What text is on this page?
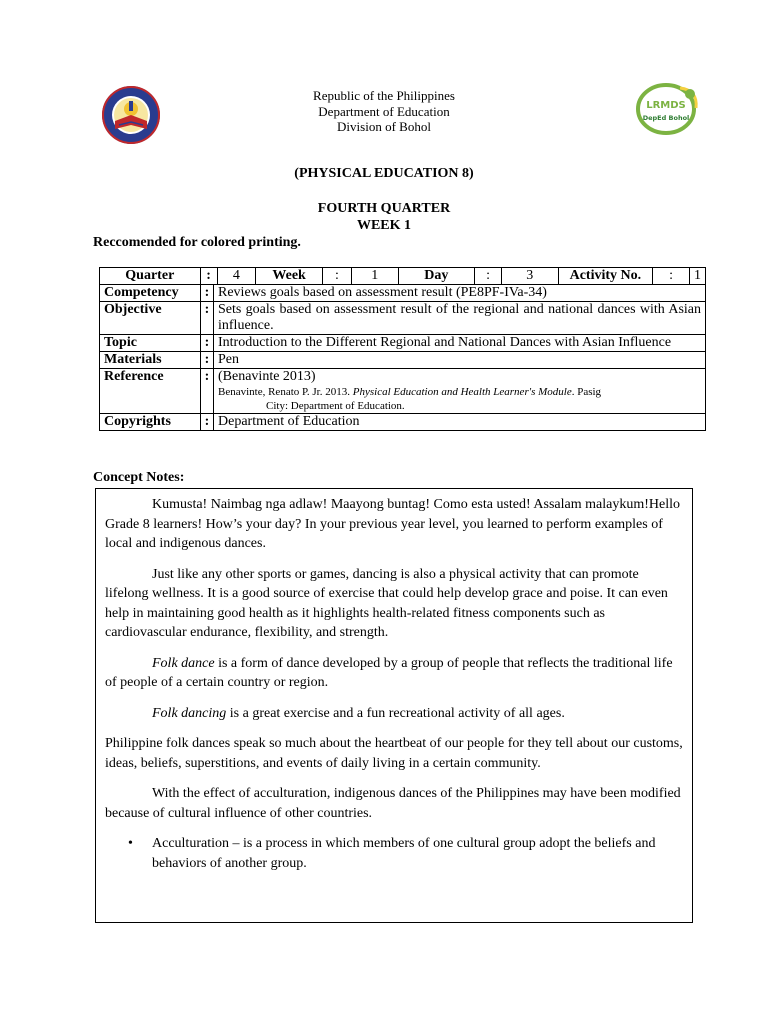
Republic of the Philippines
Department of Education
Division of Bohol
LRMDS
DepEd Bohol
(PHYSICAL EDUCATION 8)
FOURTH QUARTER
WEEK 1
Reccomended for colored printing.
Quarter	:	4	Week	:	1	Day	:	3	Activity No.	:	1

Competency	:	Reviews goals based on assessment result (PE8PF-IVa-34)
Objective	:	Sets goals based on assessment result of the regional and national dances with Asian influence.
Topic	:	Introduction to the Different Regional and National Dances with Asian Influence
Materials	:	Pen
Reference	:	(Benavinte 2013)
Benavinte, Renato P. Jr. 2013. Physical Education and Health Learner's Module. Pasig
City: Department of Education.

Copyrights	:	Department of Education
Concept Notes:

Kumusta! Naimbag nga adlaw! Maayong buntag! Como esta usted! Assalam malaykum!Hello Grade 8 learners! How’s your day? In your previous year level, you learned to perform examples of local and indigenous dances.

Just like any other sports or games, dancing is also a physical activity that can promote lifelong wellness. It is a good source of exercise that could help develop grace and poise. It can even help in maintaining good health as it highlights health-related fitness components such as cardiovascular endurance, flexibility, and strength.

Folk dance is a form of dance developed by a group of people that reflects the traditional life of people of a certain country or region.

Folk dancing is a great exercise and a fun recreational activity of all ages.

Philippine folk dances speak so much about the heartbeat of our people for they tell about our customs, ideas, beliefs, superstitions, and events of daily living in a certain community.

With the effect of acculturation, indigenous dances of the Philippines may have been modified because of cultural influence of other countries.

• Acculturation – is a process in which members of one cultural group adopt the beliefs and behaviors of another group.
